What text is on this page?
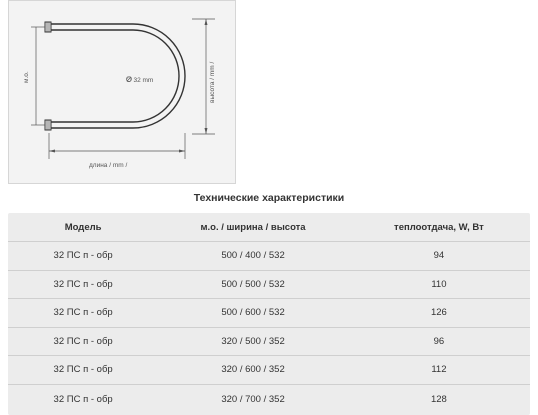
м.о.	∅ 32 mm	высота / mm /
длина / mm /
Технические характеристики
Модель	м.о. / ширина / высота	теплоотдача, W, Вт
32 ПС п - обр	500 / 400 / 532	94
32 ПС п - обр	500 / 500 / 532	110
32 ПС п - обр	500 / 600 / 532	126
32 ПС п - обр	320 / 500 / 352	96
32 ПС п - обр	320 / 600 / 352	112
32 ПС п - обр	320 / 700 / 352	128
